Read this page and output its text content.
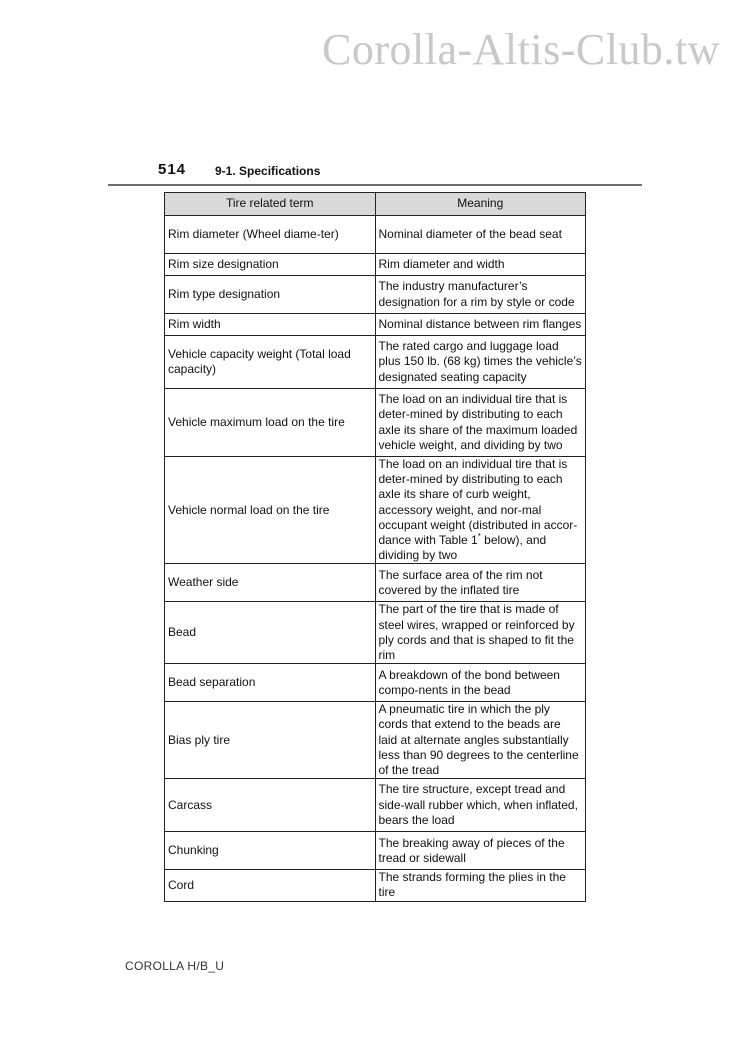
Corolla-Altis-Club.tw
514 9-1. Specifications
Tire related term	Meaning
Rim diameter (Wheel diame-ter)	Nominal diameter of the bead seat
Rim size designation	Rim diameter and width
Rim type designation	The industry manufacturer’s designation for a rim by style or code
Rim width	Nominal distance between rim flanges
Vehicle capacity weight (Total load capacity)	The rated cargo and luggage load plus 150 lb. (68 kg) times the vehicle’s designated seating capacity
Vehicle maximum load on the tire	The load on an individual tire that is deter-mined by distributing to each axle its share of the maximum loaded vehicle weight, and dividing by two
Vehicle normal load on the tire	The load on an individual tire that is deter-mined by distributing to each axle its share of curb weight, accessory weight, and nor-mal occupant weight (distributed in accor-dance with Table 1* below), and dividing by two
Weather side	The surface area of the rim not covered by the inflated tire
Bead	The part of the tire that is made of steel wires, wrapped or reinforced by ply cords and that is shaped to fit the rim
Bead separation	A breakdown of the bond between compo-nents in the bead
Bias ply tire	A pneumatic tire in which the ply cords that extend to the beads are laid at alternate angles substantially less than 90 degrees to the centerline of the tread
Carcass	The tire structure, except tread and side-wall rubber which, when inflated, bears the load
Chunking	The breaking away of pieces of the tread or sidewall
Cord	The strands forming the plies in the tire
COROLLA H/B_U
